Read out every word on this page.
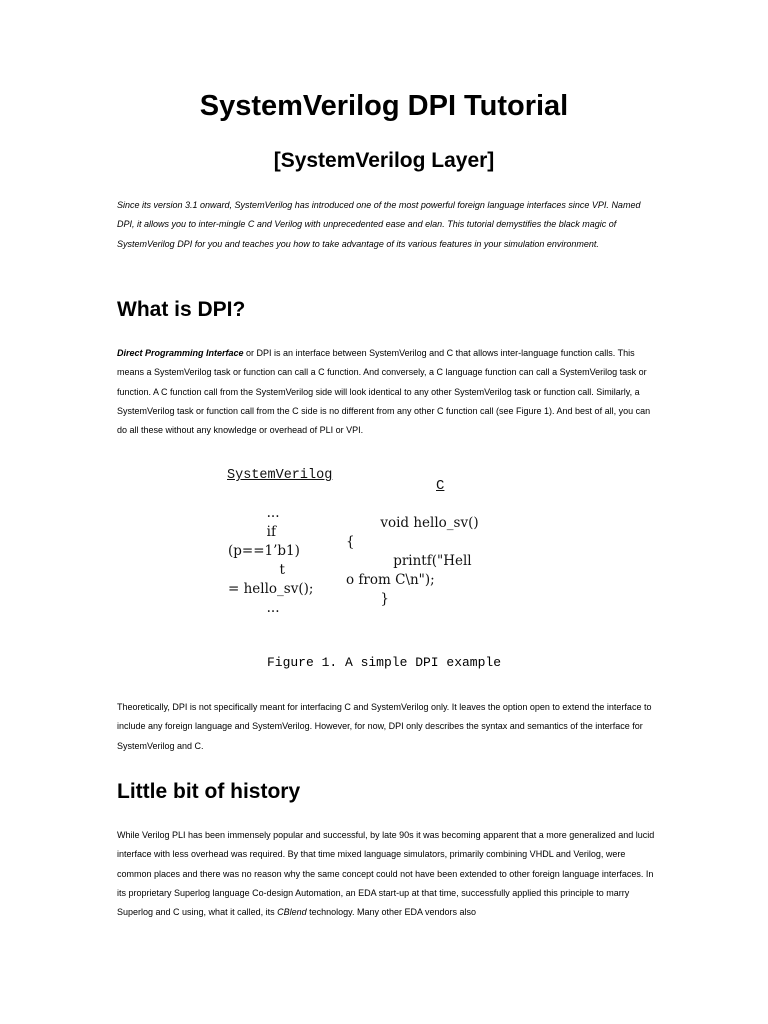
SystemVerilog DPI Tutorial
[SystemVerilog Layer]

Since its version 3.1 onward, SystemVerilog has introduced one of the most powerful foreign language interfaces since VPI. Named DPI, it allows you to inter-mingle C and Verilog with unprecedented ease and elan. This tutorial demystifies the black magic of SystemVerilog DPI for you and teaches you how to take advantage of its various features in your simulation environment.

What is DPI?

Direct Programming Interface or DPI is an interface between SystemVerilog and C that allows inter-language function calls. This means a SystemVerilog task or function can call a C function. And conversely, a C language function can call a SystemVerilog task or function. A C function call from the SystemVerilog side will look identical to any other SystemVerilog task or function call. Similarly, a SystemVerilog task or function call from the C side is no different from any other C function call (see Figure 1). And best of all, you can do all these without any knowledge or overhead of PLI or VPI.

SystemVerilog
C
...
if
(p==1’b1)
t
= hello_sv();
...
void hello_sv()
{
printf("Hell
o from C\n");
}

Figure 1. A simple DPI example

Theoretically, DPI is not specifically meant for interfacing C and SystemVerilog only. It leaves the option open to extend the interface to include any foreign language and SystemVerilog. However, for now, DPI only describes the syntax and semantics of the interface for SystemVerilog and C.

Little bit of history

While Verilog PLI has been immensely popular and successful, by late 90s it was becoming apparent that a more generalized and lucid interface with less overhead was required. By that time mixed language simulators, primarily combining VHDL and Verilog, were common places and there was no reason why the same concept could not have been extended to other foreign language interfaces. In its proprietary Superlog language Co-design Automation, an EDA start-up at that time, successfully applied this principle to marry Superlog and C using, what it called, its CBlend technology. Many other EDA vendors also
